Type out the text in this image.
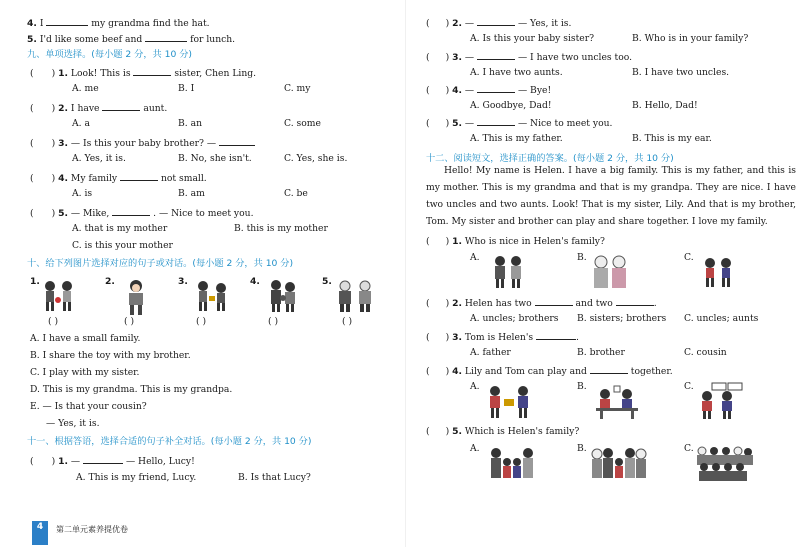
4. I	my grandma find the hat.
5. I'd like some beef and	for lunch.
九、单项选择。(每小题 2 分，共 10 分)
( ) 1. Look! This is	sister, Chen Ling.
A. me	B. I	C. my
( ) 2. I have	aunt.
A. a	B. an	C. some
( ) 3. — Is this your baby brother? —
A. Yes, it is.	B. No, she isn't.	C. Yes, she is.
( ) 4. My family	not small.
A. is	B. am	C. be
( ) 5. — Mike,	. — Nice to meet you.
A. that is my mother	B. this is my mother
C. is this your mother
十、给下列图片选择对应的句子或对话。(每小题 2 分，共 10 分)
1.	2.	3.	4.	5.
( )	( )	( )	( )	( )
A. I have a small family.
B. I share the toy with my brother.
C. I play with my sister.
D. This is my grandma. This is my grandpa.
E. — Is that your cousin?
— Yes, it is.
十一、根据答语，选择合适的句子补全对话。(每小题 2 分，共 10 分)
( ) 1. —	— Hello, Lucy!
A. This is my friend, Lucy.	B. Is that Lucy?
( ) 2. —	— Yes, it is.
A. Is this your baby sister?	B. Who is in your family?
( ) 3. —	— I have two uncles too.
A. I have two aunts.	B. I have two uncles.
( ) 4. —	— Bye!
A. Goodbye, Dad!	B. Hello, Dad!
( ) 5. —	— Nice to meet you.
A. This is my father.	B. This is my ear.
十二、阅读短文，选择正确的答案。(每小题 2 分，共 10 分)
Hello! My name is Helen. I have a big family. This is my father, and this is my mother. This is my grandma and that is my grandpa. They are nice. I have two uncles and two aunts. Look! That is my sister, Lily. And that is my brother, Tom. My sister and brother can play and share together. I love my family.
( ) 1. Who is nice in Helen's family?
A.	B.	C.
( ) 2. Helen has two	and two	.
A. uncles; brothers B. sisters; brothers C. uncles; aunts
( ) 3. Tom is Helen's	.
A. father	B. brother	C. cousin
( ) 4. Lily and Tom can play and	together.
A.	B.	C.
( ) 5. Which is Helen's family?
A.	B.	C.
4	第二单元素养提优卷
